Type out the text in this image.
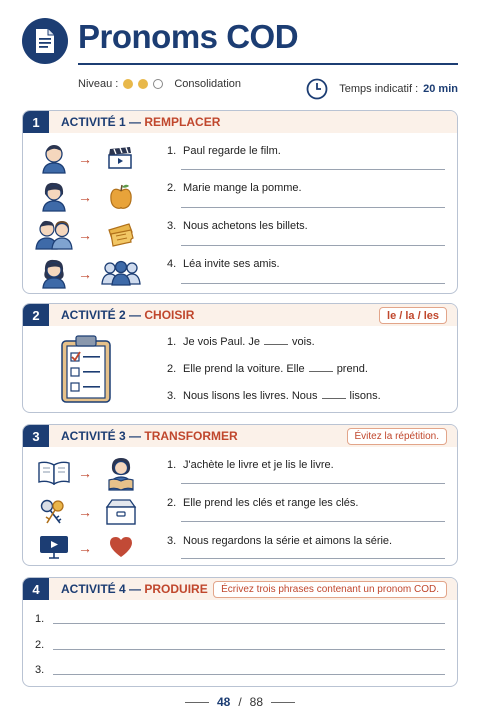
Pronoms COD
Niveau :	Consolidation	Temps indicatif : 20 min
1	ACTIVITÉ 1 — REMPLACER
→	1. Paul regarde le film.
→
2. Marie mange la pomme.
→
3. Nous achetons les billets.
→
4. Léa invite ses amis.
2	ACTIVITÉ 2 — CHOISIR	le / la / les
1. Je vois Paul. Je	vois.
2. Elle prend la voiture. Elle	prend.
3. Nous lisons les livres. Nous	lisons.
3	ACTIVITÉ 3 — TRANSFORMER	Évitez la répétition.
→	1. J'achète le livre et je lis le livre.
→
2. Elle prend les clés et range les clés.
→	3. Nous regardons la série et aimons la série.
4	ACTIVITÉ 4 — PRODUIRE	Écrivez trois phrases contenant un pronom COD.
1.
2.
3.
48 / 88
